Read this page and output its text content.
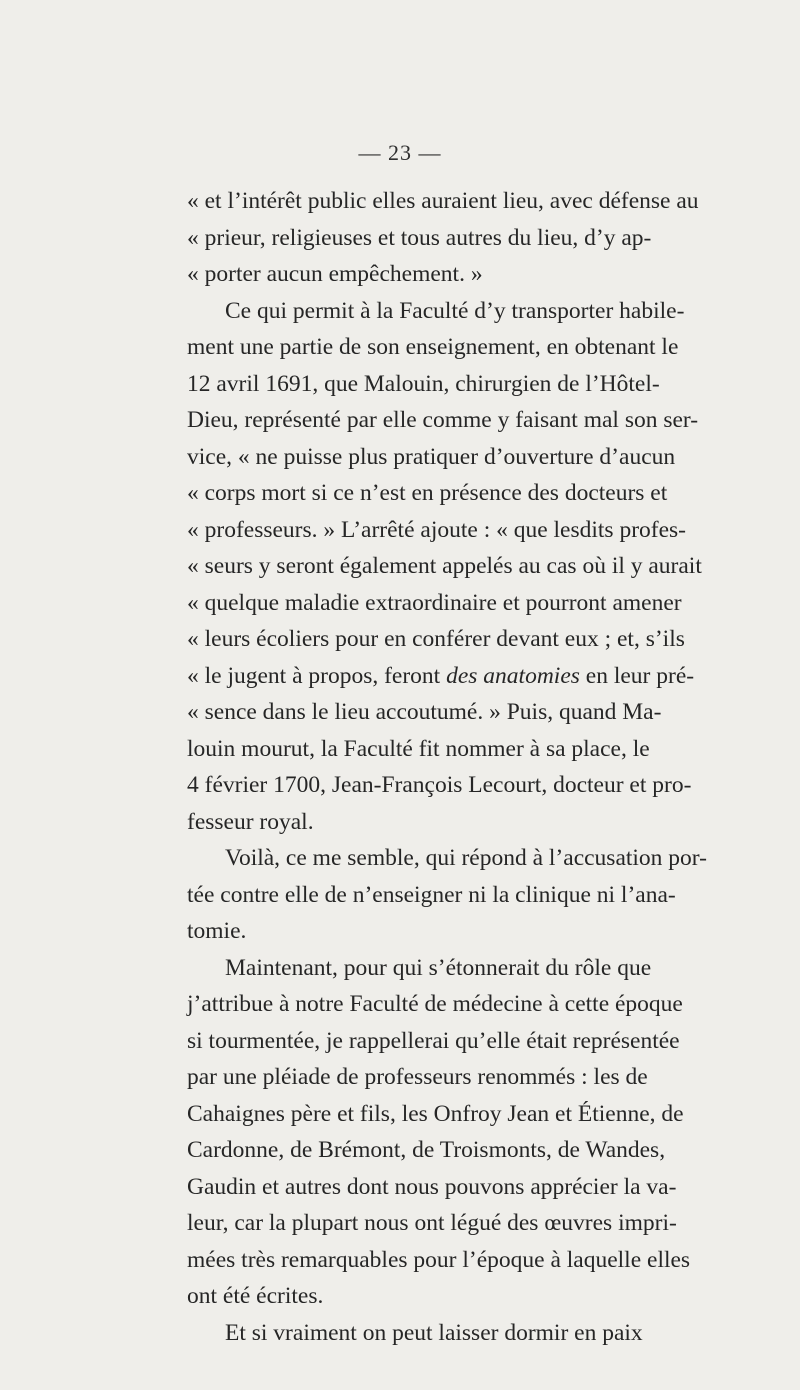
— 23 —
« et l’intérêt public elles auraient lieu, avec défense au
« prieur, religieuses et tous autres du lieu, d’y ap-
« porter aucun empêchement. »
Ce qui permit à la Faculté d’y transporter habile-
ment une partie de son enseignement, en obtenant le
12 avril 1691, que Malouin, chirurgien de l’Hôtel-
Dieu, représenté par elle comme y faisant mal son ser-
vice, « ne puisse plus pratiquer d’ouverture d’aucun
« corps mort si ce n’est en présence des docteurs et
« professeurs. » L’arrêté ajoute : « que lesdits profes-
« seurs y seront également appelés au cas où il y aurait
« quelque maladie extraordinaire et pourront amener
« leurs écoliers pour en conférer devant eux ; et, s’ils
« le jugent à propos, feront des anatomies en leur pré-
« sence dans le lieu accoutumé. » Puis, quand Ma-
louin mourut, la Faculté fit nommer à sa place, le
4 février 1700, Jean-François Lecourt, docteur et pro-
fesseur royal.
Voilà, ce me semble, qui répond à l’accusation por-
tée contre elle de n’enseigner ni la clinique ni l’ana-
tomie.
Maintenant, pour qui s’étonnerait du rôle que
j’attribue à notre Faculté de médecine à cette époque
si tourmentée, je rappellerai qu’elle était représentée
par une pléiade de professeurs renommés : les de
Cahaignes père et fils, les Onfroy Jean et Étienne, de
Cardonne, de Brémont, de Troismonts, de Wandes,
Gaudin et autres dont nous pouvons apprécier la va-
leur, car la plupart nous ont légué des œuvres impri-
mées très remarquables pour l’époque à laquelle elles
ont été écrites.
Et si vraiment on peut laisser dormir en paix
